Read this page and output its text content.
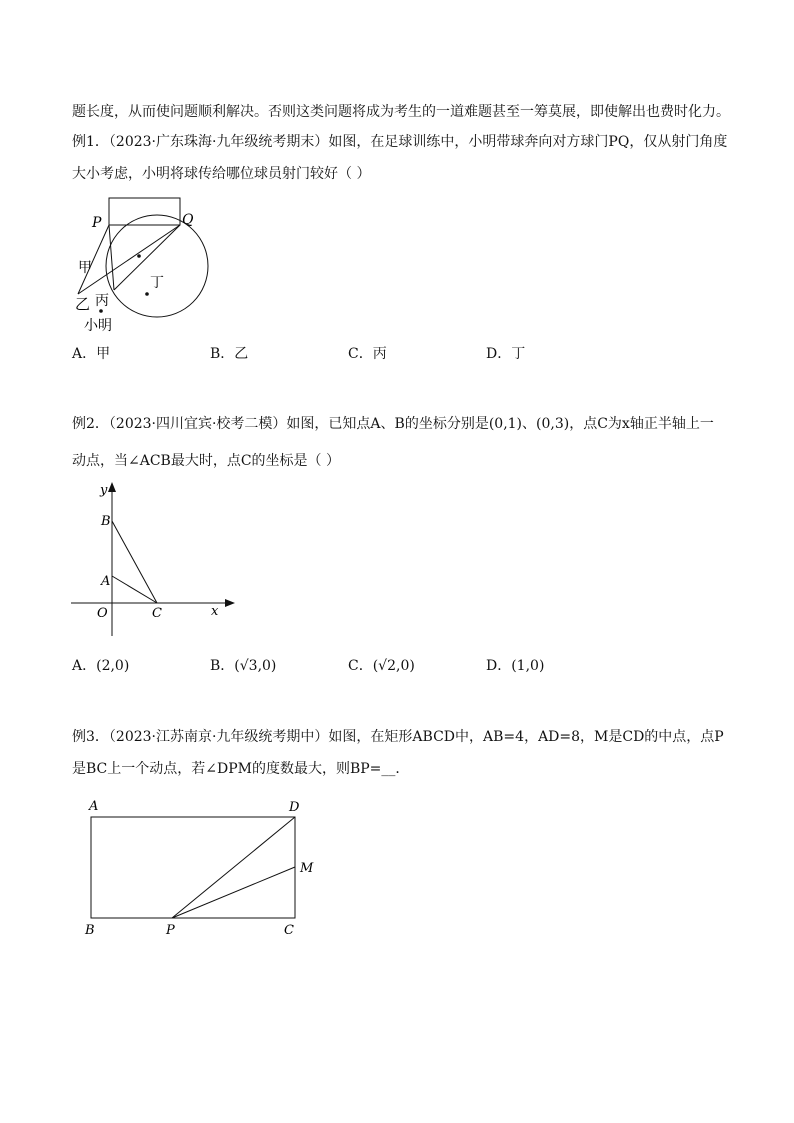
题长度，从而使问题顺利解决。否则这类问题将成为考生的一道难题甚至一筹莫展，即使解出也费时化力。
例1．（2023·广东珠海·九年级统考期末）如图，在足球训练中，小明带球奔向对方球门PQ，仅从射门角度
大小考虑，小明将球传给哪位球员射门较好（ ）
P	Q
甲
乙 丙
丁
小明
A．甲	B．乙	C．丙	D．丁
例2．（2023·四川宜宾·校考二模）如图，已知点A、B的坐标分别是(0,1)、(0,3)，点C为x轴正半轴上一
动点，当∠ACB最大时，点C的坐标是（ ）
y
B
A
O	C	x
A．(2,0)	B．(√3,0)	C．(√2,0)	D．(1,0)
例3．（2023·江苏南京·九年级统考期中）如图，在矩形ABCD中，AB=4，AD=8，M是CD的中点，点P
是BC上一个动点，若∠DPM的度数最大，则BP=__．
A	D
M
B	P	C
